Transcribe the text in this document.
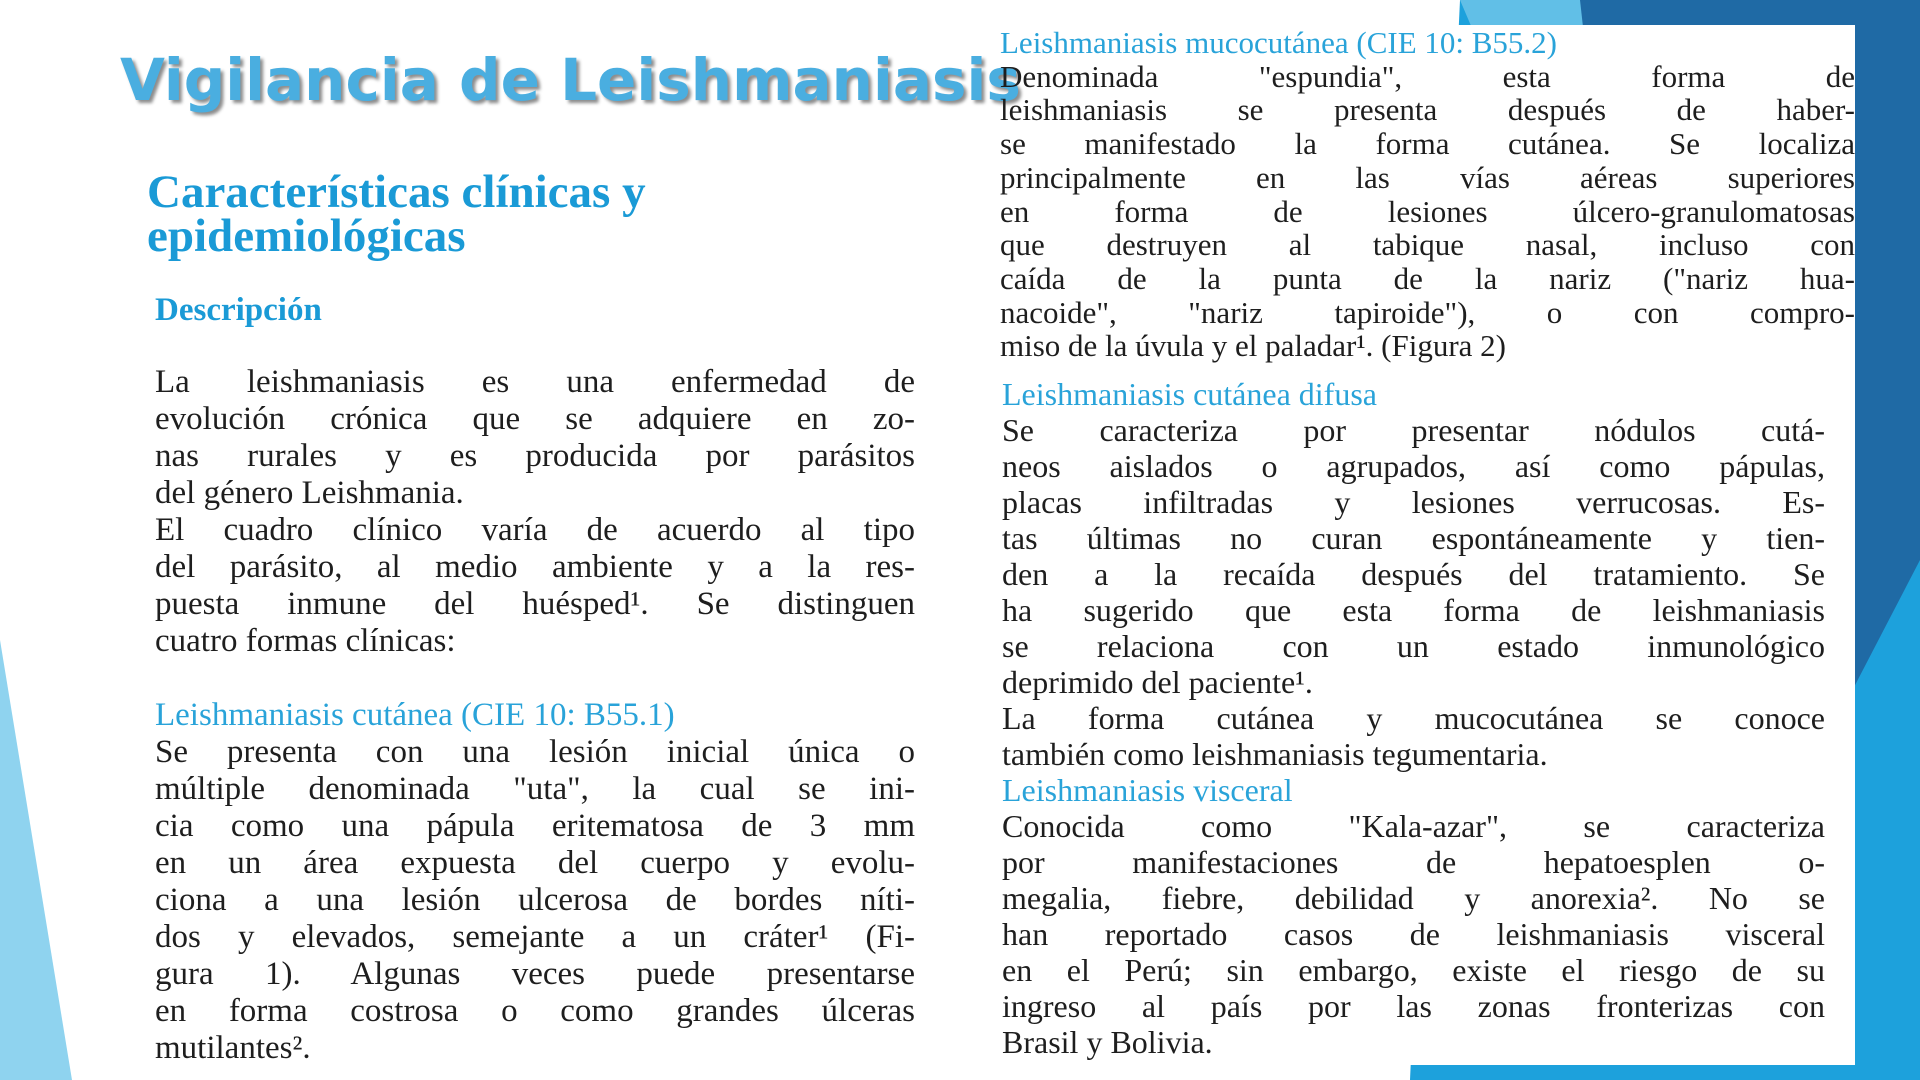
Vigilancia de Leishmaniasis
Características clínicas y
epidemiológicas
Descripción
La leishmaniasis es una enfermedad de
evolución crónica que se adquiere en zo-
nas rurales y es producida por parásitos
del género Leishmania.
El cuadro clínico varía de acuerdo al tipo
del parásito, al medio ambiente y a la res-
puesta inmune del huésped¹. Se distinguen
cuatro formas clínicas:
Leishmaniasis cutánea (CIE 10: B55.1)
Se presenta con una lesión inicial única o
múltiple denominada "uta", la cual se ini-
cia como una pápula eritematosa de 3 mm
en un área expuesta del cuerpo y evolu-
ciona a una lesión ulcerosa de bordes níti-
dos y elevados, semejante a un cráter¹ (Fi-
gura 1). Algunas veces puede presentarse
en forma costrosa o como grandes úlceras
mutilantes².
Leishmaniasis mucocutánea (CIE 10: B55.2)
Denominada "espundia", esta forma de
leishmaniasis se presenta después de haber-
se manifestado la forma cutánea. Se localiza
principalmente en las vías aéreas superiores
en forma de lesiones úlcero-granulomatosas
que destruyen al tabique nasal, incluso con
caída de la punta de la nariz ("nariz hua-
nacoide", "nariz tapiroide"), o con compro-
miso de la úvula y el paladar¹. (Figura 2)
Leishmaniasis cutánea difusa
Se caracteriza por presentar nódulos cutá-
neos aislados o agrupados, así como pápulas,
placas infiltradas y lesiones verrucosas. Es-
tas últimas no curan espontáneamente y tien-
den a la recaída después del tratamiento. Se
ha sugerido que esta forma de leishmaniasis
se relaciona con un estado inmunológico
deprimido del paciente¹.
La forma cutánea y mucocutánea se conoce
también como leishmaniasis tegumentaria.
Leishmaniasis visceral
Conocida como "Kala-azar", se caracteriza
por manifestaciones de hepatoesplen o-
megalia, fiebre, debilidad y anorexia². No se
han reportado casos de leishmaniasis visceral
en el Perú; sin embargo, existe el riesgo de su
ingreso al país por las zonas fronterizas con
Brasil y Bolivia.
